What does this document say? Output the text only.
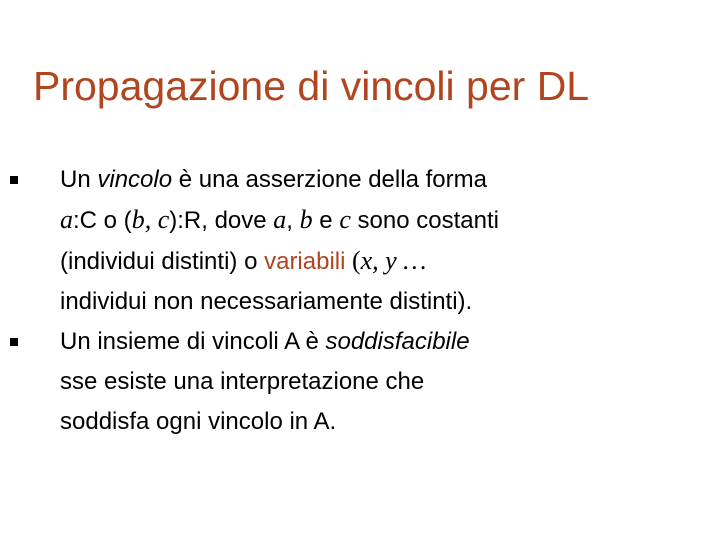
Propagazione di vincoli per DL
Un vincolo è una asserzione della forma
a:C o (b, c):R, dove a, b e c sono costanti
(individui distinti) o variabili (x, y …
individui non necessariamente distinti).
Un insieme di vincoli A è soddisfacibile
sse esiste una interpretazione che
soddisfa ogni vincolo in A.
